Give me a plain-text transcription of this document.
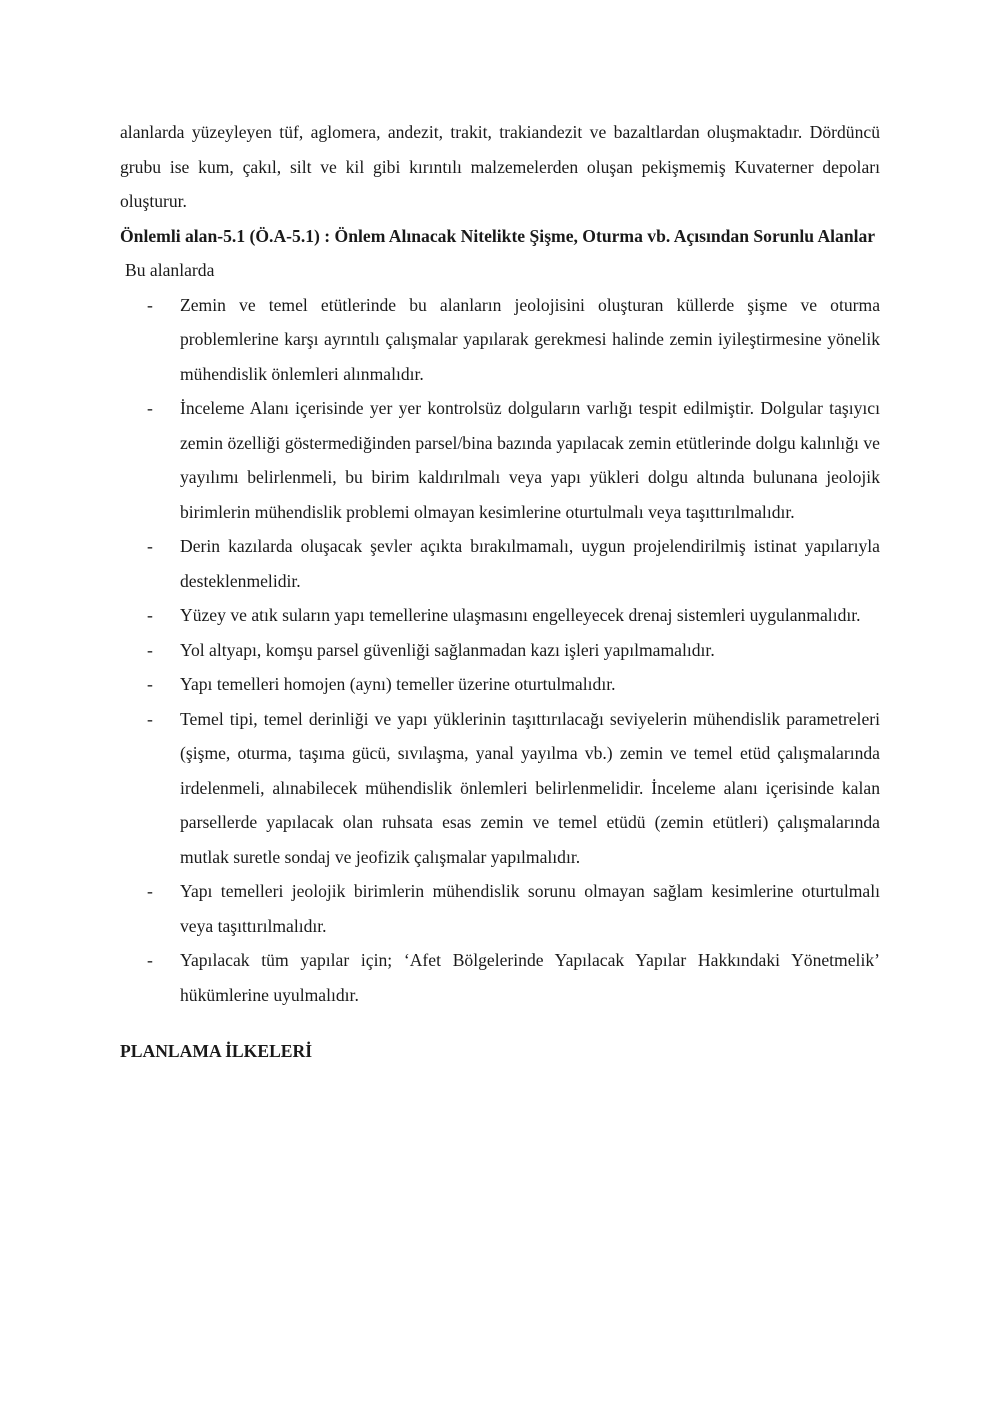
alanlarda yüzeyleyen tüf, aglomera, andezit, trakit, trakiandezit ve bazaltlardan oluşmaktadır. Dördüncü grubu ise kum, çakıl, silt ve kil gibi kırıntılı malzemelerden oluşan pekişmemiş Kuvaterner depoları oluşturur.

Önlemli alan-5.1 (Ö.A-5.1) : Önlem Alınacak Nitelikte Şişme, Oturma vb. Açısından Sorunlu Alanlar

Bu alanlarda

- Zemin ve temel etütlerinde bu alanların jeolojisini oluşturan küllerde şişme ve oturma problemlerine karşı ayrıntılı çalışmalar yapılarak gerekmesi halinde zemin iyileştirmesine yönelik mühendislik önlemleri alınmalıdır.
- İnceleme Alanı içerisinde yer yer kontrolsüz dolguların varlığı tespit edilmiştir. Dolgular taşıyıcı zemin özelliği göstermediğinden parsel/bina bazında yapılacak zemin etütlerinde dolgu kalınlığı ve yayılımı belirlenmeli, bu birim kaldırılmalı veya yapı yükleri dolgu altında bulunana jeolojik birimlerin mühendislik problemi olmayan kesimlerine oturtulmalı veya taşıttırılmalıdır.
- Derin kazılarda oluşacak şevler açıkta bırakılmamalı, uygun projelendirilmiş istinat yapılarıyla desteklenmelidir.
- Yüzey ve atık suların yapı temellerine ulaşmasını engelleyecek drenaj sistemleri uygulanmalıdır.
- Yol altyapı, komşu parsel güvenliği sağlanmadan kazı işleri yapılmamalıdır.
- Yapı temelleri homojen (aynı) temeller üzerine oturtulmalıdır.
- Temel tipi, temel derinliği ve yapı yüklerinin taşıttırılacağı seviyelerin mühendislik parametreleri (şişme, oturma, taşıma gücü, sıvılaşma, yanal yayılma vb.) zemin ve temel etüd çalışmalarında irdelenmeli, alınabilecek mühendislik önlemleri belirlenmelidir. İnceleme alanı içerisinde kalan parsellerde yapılacak olan ruhsata esas zemin ve temel etüdü (zemin etütleri) çalışmalarında mutlak suretle sondaj ve jeofizik çalışmalar yapılmalıdır.
- Yapı temelleri jeolojik birimlerin mühendislik sorunu olmayan sağlam kesimlerine oturtulmalı veya taşıttırılmalıdır.
- Yapılacak tüm yapılar için; ‘Afet Bölgelerinde Yapılacak Yapılar Hakkındaki Yönetmelik’ hükümlerine uyulmalıdır.

PLANLAMA İLKELERİ
